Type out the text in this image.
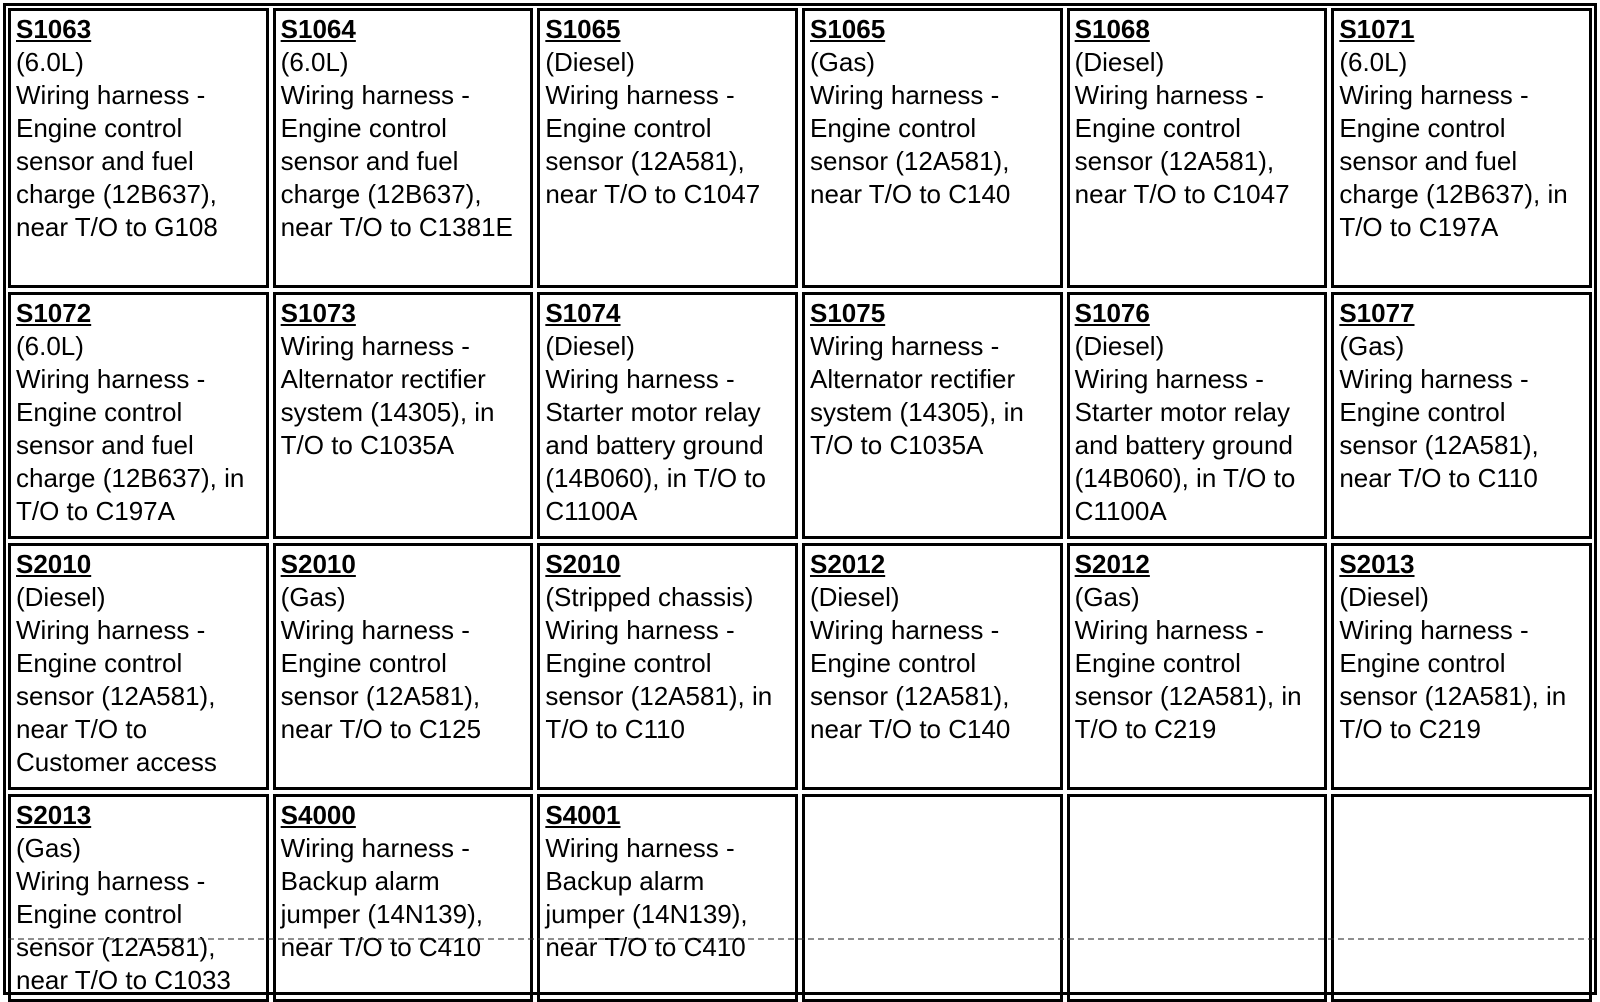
S1063
(6.0L)
Wiring harness - Engine control sensor and fuel charge (12B637), near T/O to G108
S1064
(6.0L)
Wiring harness - Engine control sensor and fuel charge (12B637), near T/O to C1381E
S1065
(Diesel)
Wiring harness - Engine control sensor (12A581), near T/O to C1047
S1065
(Gas)
Wiring harness - Engine control sensor (12A581), near T/O to C140
S1068
(Diesel)
Wiring harness - Engine control sensor (12A581), near T/O to C1047
S1071
(6.0L)
Wiring harness - Engine control sensor and fuel charge (12B637), in T/O to C197A
S1072
(6.0L)
Wiring harness - Engine control sensor and fuel charge (12B637), in T/O to C197A
S1073
Wiring harness - Alternator rectifier system (14305), in T/O to C1035A
S1074
(Diesel)
Wiring harness - Starter motor relay and battery ground (14B060), in T/O to C1100A
S1075
Wiring harness - Alternator rectifier system (14305), in T/O to C1035A
S1076
(Diesel)
Wiring harness - Starter motor relay and battery ground (14B060), in T/O to C1100A
S1077
(Gas)
Wiring harness - Engine control sensor (12A581), near T/O to C110
S2010
(Diesel)
Wiring harness - Engine control sensor (12A581), near T/O to Customer access
S2010
(Gas)
Wiring harness - Engine control sensor (12A581), near T/O to C125
S2010
(Stripped chassis)
Wiring harness - Engine control sensor (12A581), in T/O to C110
S2012
(Diesel)
Wiring harness - Engine control sensor (12A581), near T/O to C140
S2012
(Gas)
Wiring harness - Engine control sensor (12A581), in T/O to C219
S2013
(Diesel)
Wiring harness - Engine control sensor (12A581), in T/O to C219
S2013
(Gas)
Wiring harness - Engine control sensor (12A581), near T/O to C1033
S4000
Wiring harness - Backup alarm jumper (14N139), near T/O to C410
S4001
Wiring harness - Backup alarm jumper (14N139), near T/O to C410
